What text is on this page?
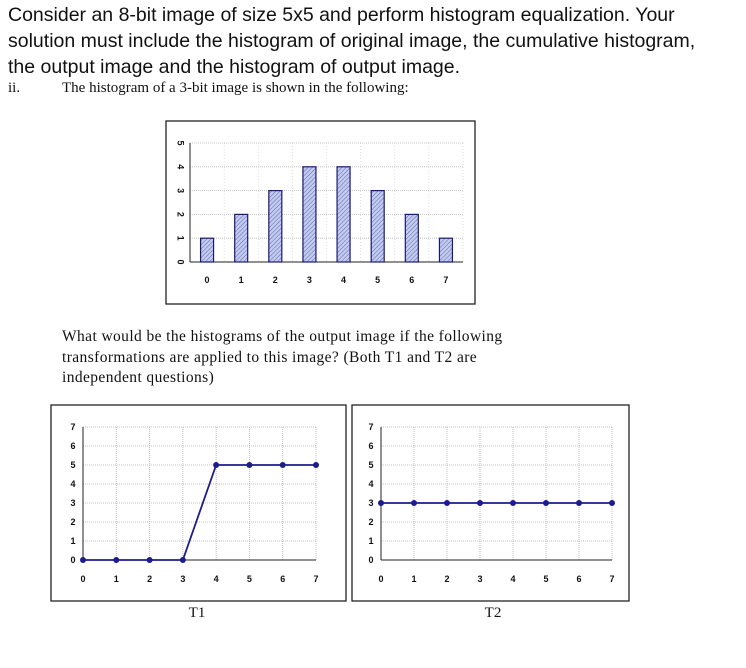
Consider an 8-bit image of size 5x5 and perform histogram equalization. Your
solution must include the histogram of original image, the cumulative histogram,
the output image and the histogram of output image.
ii.	The histogram of a 3-bit image is shown in the following:
What would be the histograms of the output image if the following
transformations are applied to this image? (Both T1 and T2 are
independent questions)
0
1
2
3
4
5
0	1	2	3	4	5	6	7
0
1
2
3
4
5
6
7
0	1	2	3	4	5	6	7
T1
0
1
2
3
4
5
6
7
0	1	2	3	4	5	6	7
T2
